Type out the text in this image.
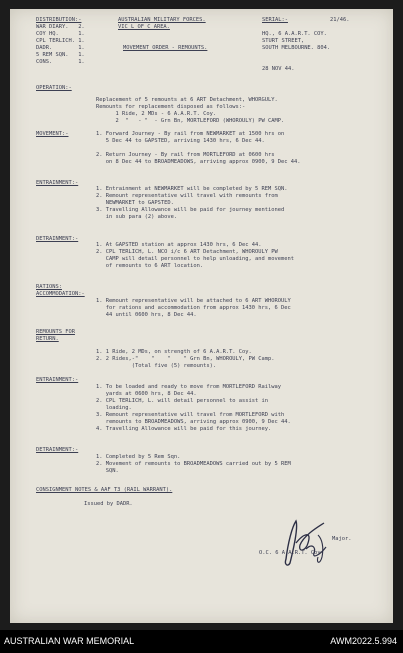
DISTRIBUTION:-
WAR DIARY.   2.
COY HQ.      1.
CPL TERLICH. 1.
DADR.        1.
5 REM SQN.   1.
CONS.        1.
AUSTRALIAN MILITARY FORCES.
VIC L OF C AREA.
MOVEMENT ORDER - REMOUNTS.
SERIAL:-	21/46.
HQ., 6 A.A.R.T. COY.
STURT STREET,
SOUTH MELBOURNE. 804.
28 NOV 44.
OPERATION:-
Replacement of 5 remounts at 6 ART Detachment, WHORGULY.
Remounts for replacement disposed as follows:-
1 Ride, 2 MDs - 6 A.A.R.T. Coy.
2  "   - "  - Grn Bn, MORTLEFORD (WHOROULY) PW CAMP.
MOVEMENT:-	1. Forward Journey - By rail from NEWMARKET at 1500 hrs on
5 Dec 44 to GAPSTED, arriving 1430 hrs, 6 Dec 44.
2. Return Journey - By rail from MORTLEFORD at 0600 hrs
on 8 Dec 44 to BROADMEADOWS, arriving approx 0900, 9 Dec 44.
ENTRAINMENT:-
1. Entrainment at NEWMARKET will be completed by 5 REM SQN.
2. Remount representative will travel with remounts from
NEWMARKET to GAPSTED.
3. Travelling Allowance will be paid for journey mentioned
in sub para (2) above.
DETRAINMENT:-
1. At GAPSTED station at approx 1430 hrs, 6 Dec 44.
2. CPL TERLICH, L. NCO i/c 6 ART Detachment, WHOROULY PW
CAMP will detail personnel to help unloading, and movement
of remounts to 6 ART location.
RATIONS:
ACCOMMODATION:-
1. Remount representative will be attached to 6 ART WHOROULY
for rations and accommodation from approx 1430 hrs, 6 Dec
44 until 0600 hrs, 8 Dec 44.
REMOUNTS FOR
RETURN.
1. 1 Ride, 2 MDs, on strength of 6 A.A.R.T. Coy.
2. 2 Rides,-"    "    "    " Grn Bn, WHOROULY, PW Camp.
(Total five (5) remounts).
ENTRAINMENT:-
1. To be loaded and ready to move from MORTLEFORD Railway
yards at 0600 hrs, 8 Dec 44.
2. CPL TERLICH, L. will detail personnel to assist in
loading.
3. Remount representative will travel from MORTLEFORD with
remounts to BROADMEADOWS, arriving approx 0900, 9 Dec 44.
4. Travelling Allowance will be paid for this journey.
DETRAINMENT:-
1. Completed by 5 Rem Sqn.
2. Movement of remounts to BROADMEADOWS carried out by 5 REM
SQN.
CONSIGNMENT NOTES & AAF T3 (RAIL WARRANT).
Issued by DADR.
Major.
O.C. 6 A.A.R.T. Coy.
AUSTRALIAN WAR MEMORIAL	AWM2022.5.994
